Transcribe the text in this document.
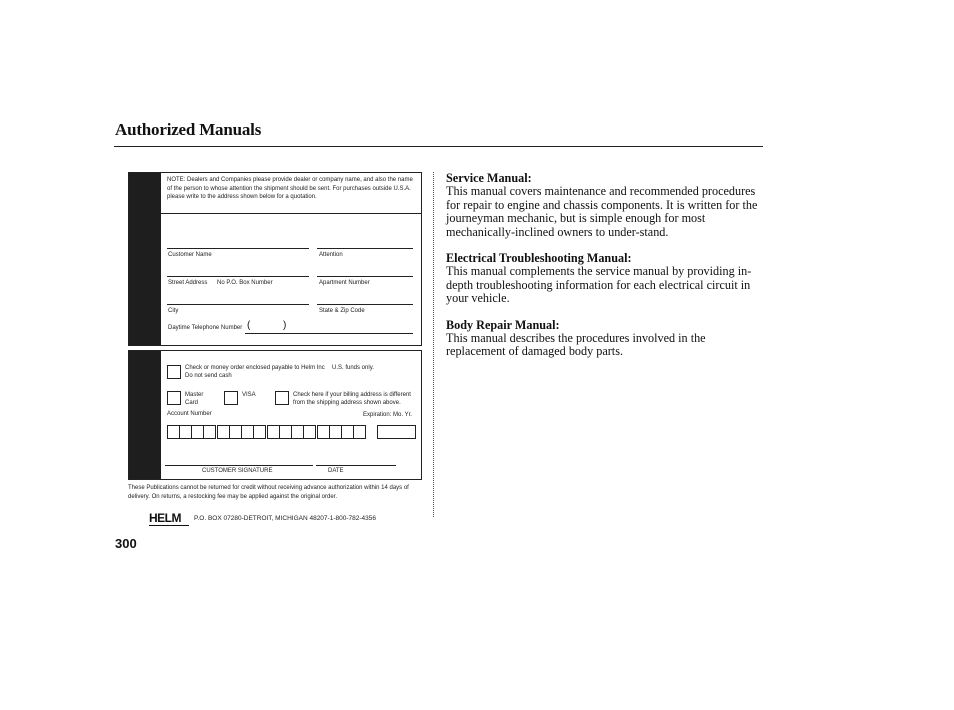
Authorized Manuals
NOTE: Dealers and Companies please provide dealer or company name, and also the name of the person to whose attention the shipment should be sent. For purchases outside U.S.A. please write to the address shown below for a quotation.
Customer Name	Attention
Street Address No P.O. Box Number	Apartment Number
City	State & Zip Code
Daytime Telephone Number (	)
Check or money order enclosed payable to Helm Inc U.S. funds only.
Do not send cash
Master
Card
VISA	Check here if your billing address is different
from the shipping address shown above.
Account Number	Expiration: Mo. Yr.
CUSTOMER SIGNATURE	DATE
These Publications cannot be returned for credit without receiving advance authorization within 14 days of delivery. On returns, a restocking fee may be applied against the original order.
HELM P.O. BOX 07280-DETROIT, MICHIGAN 48207-1-800-782-4356
300
Service Manual:

This manual covers maintenance and recommended procedures for repair to engine and chassis components. It is written for the journeyman mechanic, but is simple enough for most mechanically-inclined owners to under-stand.

Electrical Troubleshooting Manual:

This manual complements the service manual by providing in-depth troubleshooting information for each electrical circuit in your vehicle.

Body Repair Manual:

This manual describes the procedures involved in the replacement of damaged body parts.
